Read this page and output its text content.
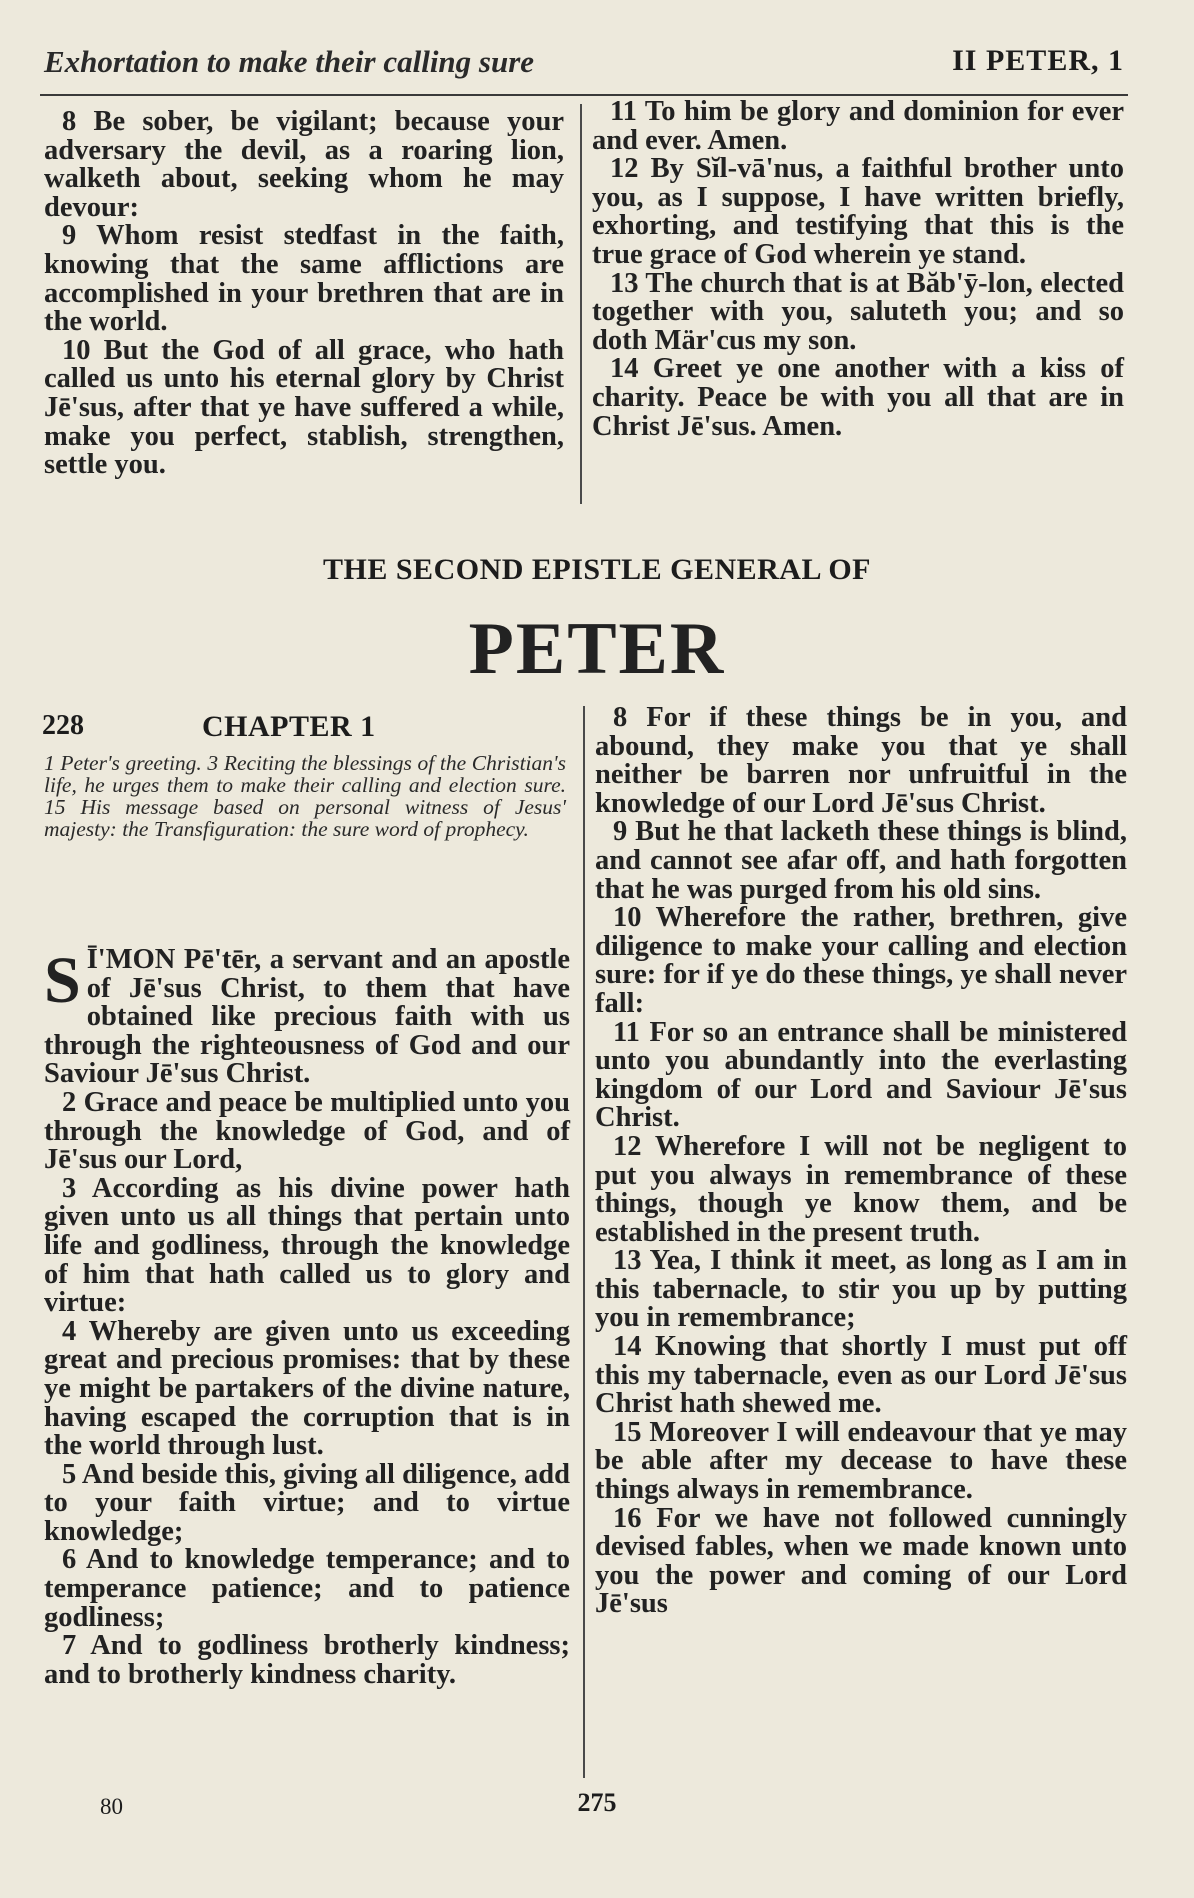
Exhortation to make their calling sure	II PETER, 1

8 Be sober, be vigilant; because your adversary the devil, as a roaring lion, walketh about, seeking whom he may devour:

9 Whom resist stedfast in the faith, knowing that the same afflictions are accomplished in your brethren that are in the world.

10 But the God of all grace, who hath called us unto his eternal glory by Christ Jē'sus, after that ye have suffered a while, make you perfect, stablish, strengthen, settle you.

11 To him be glory and dominion for ever and ever. Amen.

12 By Sĭl-vā'nus, a faithful brother unto you, as I suppose, I have written briefly, exhorting, and testifying that this is the true grace of God wherein ye stand.

13 The church that is at Băb'ȳ-lon, elected together with you, saluteth you; and so doth Mär'cus my son.

14 Greet ye one another with a kiss of charity. Peace be with you all that are in Christ Jē'sus. Amen.

THE SECOND EPISTLE GENERAL OF
PETER
228	CHAPTER 1
1 Peter's greeting. 3 Reciting the blessings of the Christian's life, he urges them to make their calling and election sure. 15 His message based on personal witness of Jesus' majesty: the Transfiguration: the sure word of prophecy.

S Ī'MON Pē'tēr, a servant and an apostle of Jē'sus Christ, to them that have obtained like precious faith with us through the righteousness of God and our Saviour Jē'sus Christ.

2 Grace and peace be multiplied unto you through the knowledge of God, and of Jē'sus our Lord,

3 According as his divine power hath given unto us all things that pertain unto life and godliness, through the knowledge of him that hath called us to glory and virtue:

4 Whereby are given unto us exceeding great and precious promises: that by these ye might be partakers of the divine nature, having escaped the corruption that is in the world through lust.

5 And beside this, giving all diligence, add to your faith virtue; and to virtue knowledge;

6 And to knowledge temperance; and to temperance patience; and to patience godliness;

7 And to godliness brotherly kindness; and to brotherly kindness charity.

8 For if these things be in you, and abound, they make you that ye shall neither be barren nor unfruitful in the knowledge of our Lord Jē'sus Christ.

9 But he that lacketh these things is blind, and cannot see afar off, and hath forgotten that he was purged from his old sins.

10 Wherefore the rather, brethren, give diligence to make your calling and election sure: for if ye do these things, ye shall never fall:

11 For so an entrance shall be ministered unto you abundantly into the everlasting kingdom of our Lord and Saviour Jē'sus Christ.

12 Wherefore I will not be negligent to put you always in remembrance of these things, though ye know them, and be established in the present truth.

13 Yea, I think it meet, as long as I am in this tabernacle, to stir you up by putting you in remembrance;

14 Knowing that shortly I must put off this my tabernacle, even as our Lord Jē'sus Christ hath shewed me.

15 Moreover I will endeavour that ye may be able after my decease to have these things always in remembrance.

16 For we have not followed cunningly devised fables, when we made known unto you the power and coming of our Lord Jē'sus

80	275
